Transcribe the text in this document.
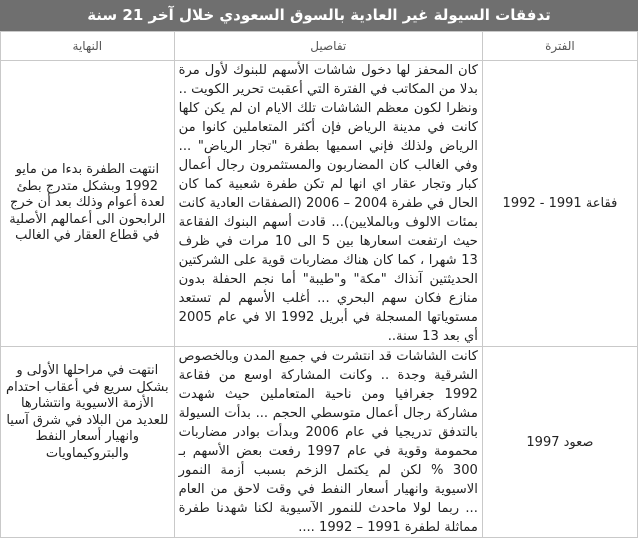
تدفقات السيولة غير العادية بالسوق السعودي خلال آخر 21 سنة
الفترة	تفاصيل	النهاية
فقاعة 1991 - 1992	كان المحفز لها دخول شاشات الأسهم للبنوك لأول مرة بدلا من المكاتب في الفترة التي أعقبت تحرير الكويت .. ونظرا لكون معظم الشاشات تلك الايام ان لم يكن كلها كانت في مدينة الرياض فإن أكثر المتعاملين كانوا من الرياض ولذلك فإني اسميها بطفرة "تجار الرياض" ... وفي الغالب كان المضاربون والمستثمرون رجال أعمال كبار وتجار عقار اي انها لم تكن طفرة شعبية كما كان الحال في طفرة 2004 – 2006 (الصفقات العادية كانت بمئات الالوف وبالملايين)... قادت أسهم البنوك الفقاعة حيث ارتفعت اسعارها بين 5 الى 10 مرات في ظرف 13 شهرا ، كما كان هناك مضاربات قوية على الشركتين الحديثتين آنذاك "مكة" و"طيبة" أما نجم الحفلة بدون منازع فكان سهم البحري ... أغلب الأسهم لم تستعد مستوياتها المسجلة في أبريل 1992 الا في عام 2005 أي بعد 13 سنة..	انتهت الطفرة بدءا من مايو 1992 وبشكل متدرج بطئ لعدة أعوام وذلك بعد أن خرج الرابحون الى أعمالهم الأصلية في قطاع العقار في الغالب
صعود 1997	كانت الشاشات قد انتشرت في جميع المدن وبالخصوص الشرقية وجدة .. وكانت المشاركة اوسع من فقاعة 1992 جغرافيا ومن ناحية المتعاملين حيث شهدت مشاركة رجال أعمال متوسطي الحجم ... بدأت السيولة بالتدفق تدريجيا في عام 2006 وبدأت بوادر مضاربات محمومة وقوية في عام 1997 رفعت بعض الأسهم بـ 300 % لكن لم يكتمل الزخم بسبب أزمة النمور الاسيوية وانهيار أسعار النفط في وقت لاحق من العام ... ربما لولا ماحدث للنمور الآسيوية لكنا شهدنا طفرة مماثلة لطفرة 1991 – 1992 ....	انتهت في مراحلها الأولى و بشكل سريع في أعقاب احتدام الأزمة الاسيوية وانتشارها للعديد من البلاد في شرق آسيا وانهيار أسعار النفط والبتروكيماويات
